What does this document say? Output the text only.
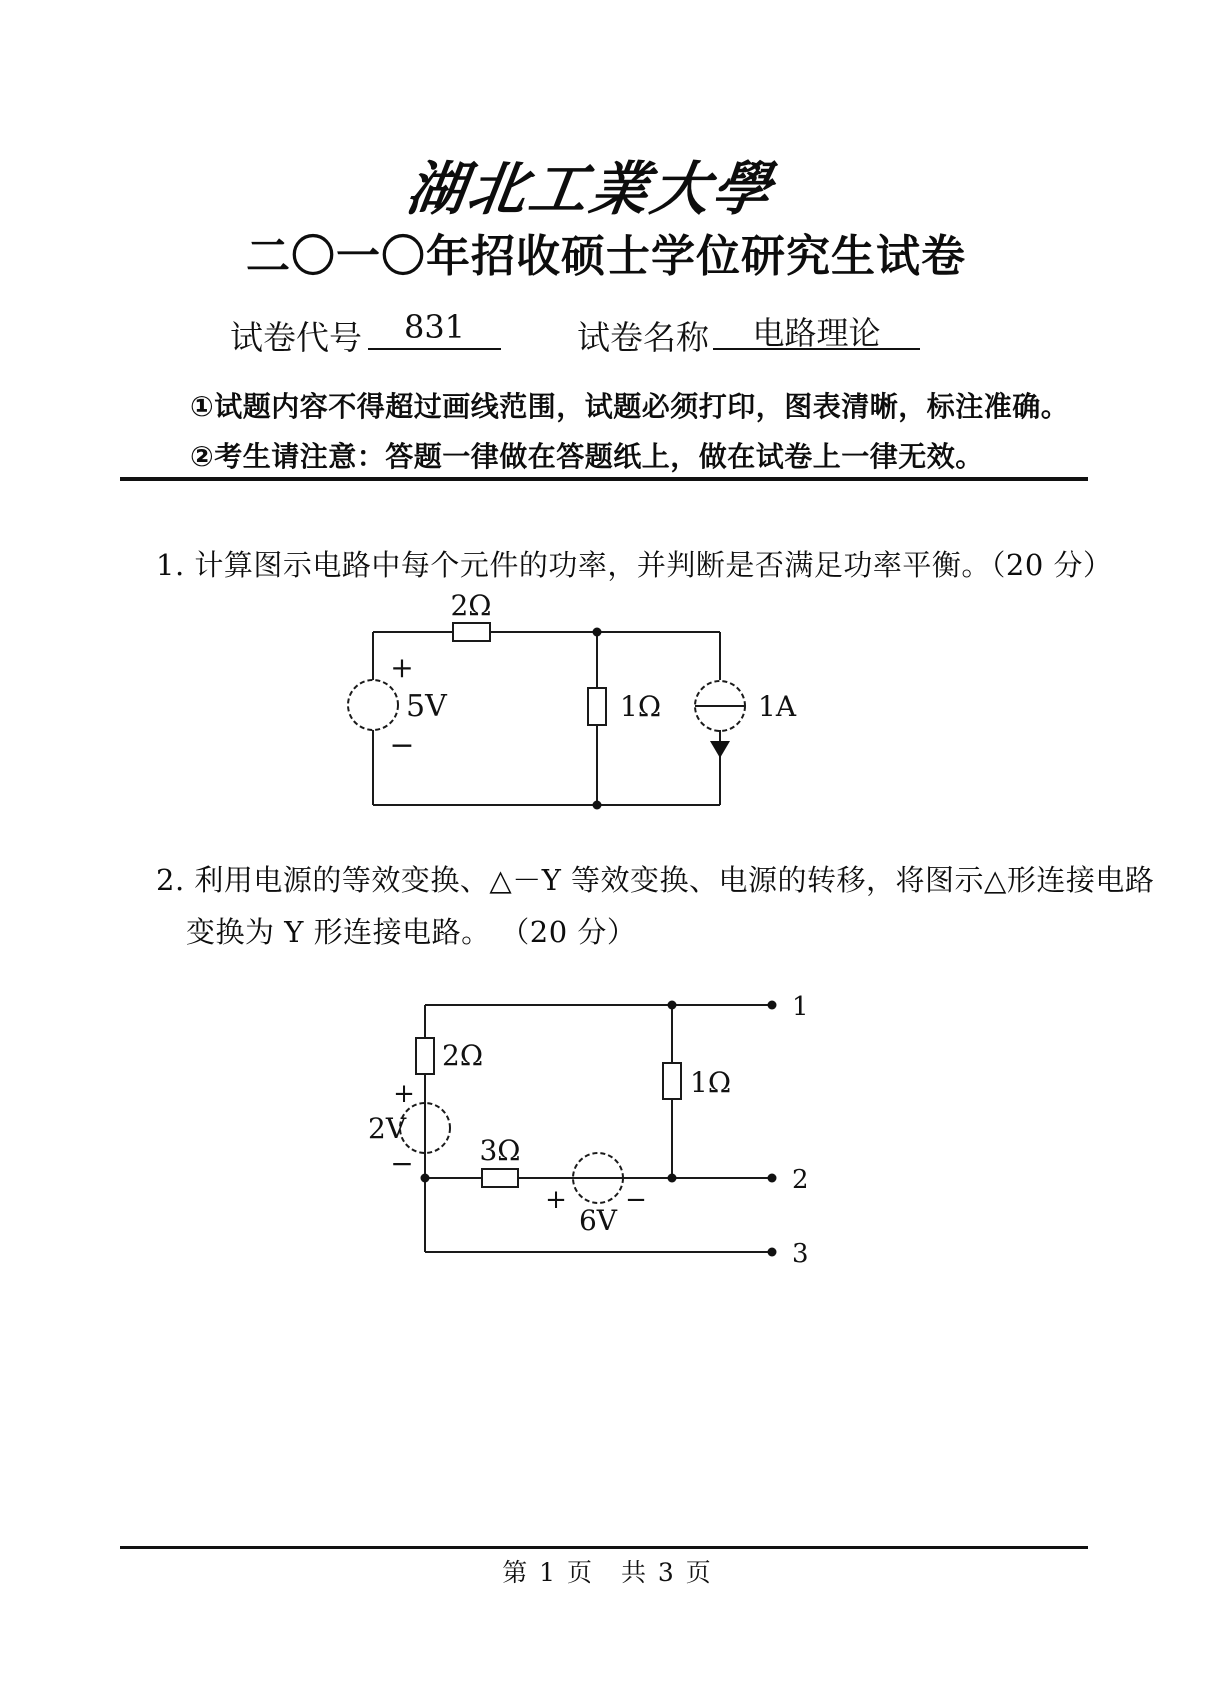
湖北工業大學
二〇一〇年招收硕士学位研究生试卷
试卷代号	831	试卷名称	电路理论
①试题内容不得超过画线范围，试题必须打印，图表清晰，标注准确。
②考生请注意：答题一律做在答题纸上，做在试卷上一律无效。
1. 计算图示电路中每个元件的功率，并判断是否满足功率平衡。（20 分）
2Ω
+
5V
−
1Ω	1A
2. 利用电源的等效变换、△－Y 等效变换、电源的转移，将图示△形连接电路
变换为 Y 形连接电路。 （20 分）
2Ω
+
2V
− 3Ω
+
6V
−
1Ω
1
2
3
第 1 页　共 3 页
